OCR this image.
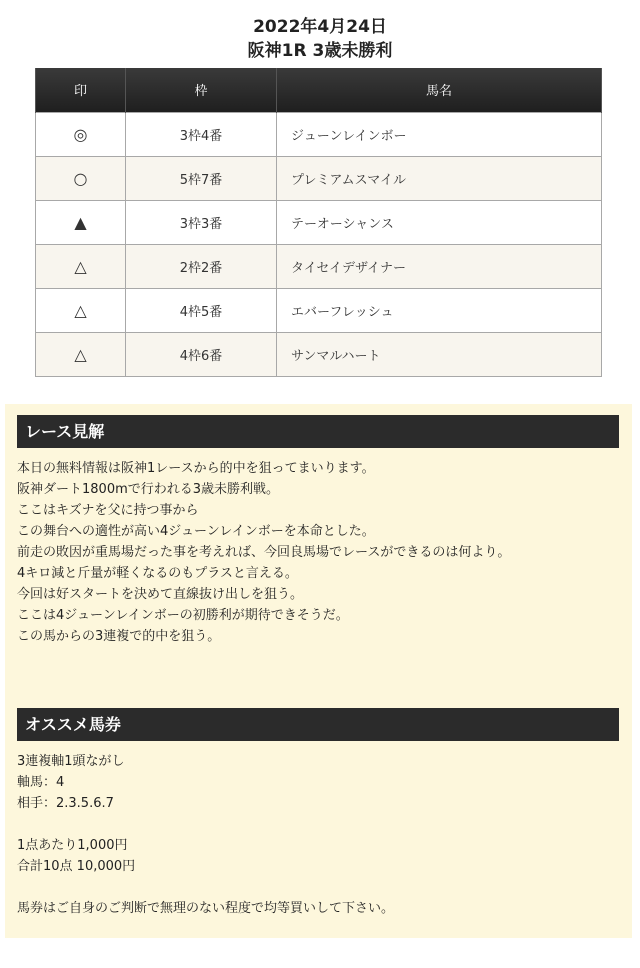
2022年4月24日
阪神1R 3歳未勝利
印	枠	馬名
◎	3枠4番	ジューンレインボー
○	5枠7番	プレミアムスマイル
▲	3枠3番	テーオーシャンス
△	2枠2番	タイセイデザイナー
△	4枠5番	エバーフレッシュ
△	4枠6番	サンマルハート
レース見解
本日の無料情報は阪神1レースから的中を狙ってまいります。
阪神ダート1800mで行われる3歳未勝利戦。
ここはキズナを父に持つ事から
この舞台への適性が高い4ジューンレインボーを本命とした。
前走の敗因が重馬場だった事を考えれば、今回良馬場でレースができるのは何より。
4キロ減と斤量が軽くなるのもプラスと言える。
今回は好スタートを決めて直線抜け出しを狙う。
ここは4ジューンレインボーの初勝利が期待できそうだ。
この馬からの3連複で的中を狙う。
オススメ馬券
3連複軸1頭ながし
軸馬：4
相手：2.3.5.6.7
1点あたり1,000円
合計10点 10,000円
馬券はご自身のご判断で無理のない程度で均等買いして下さい。
